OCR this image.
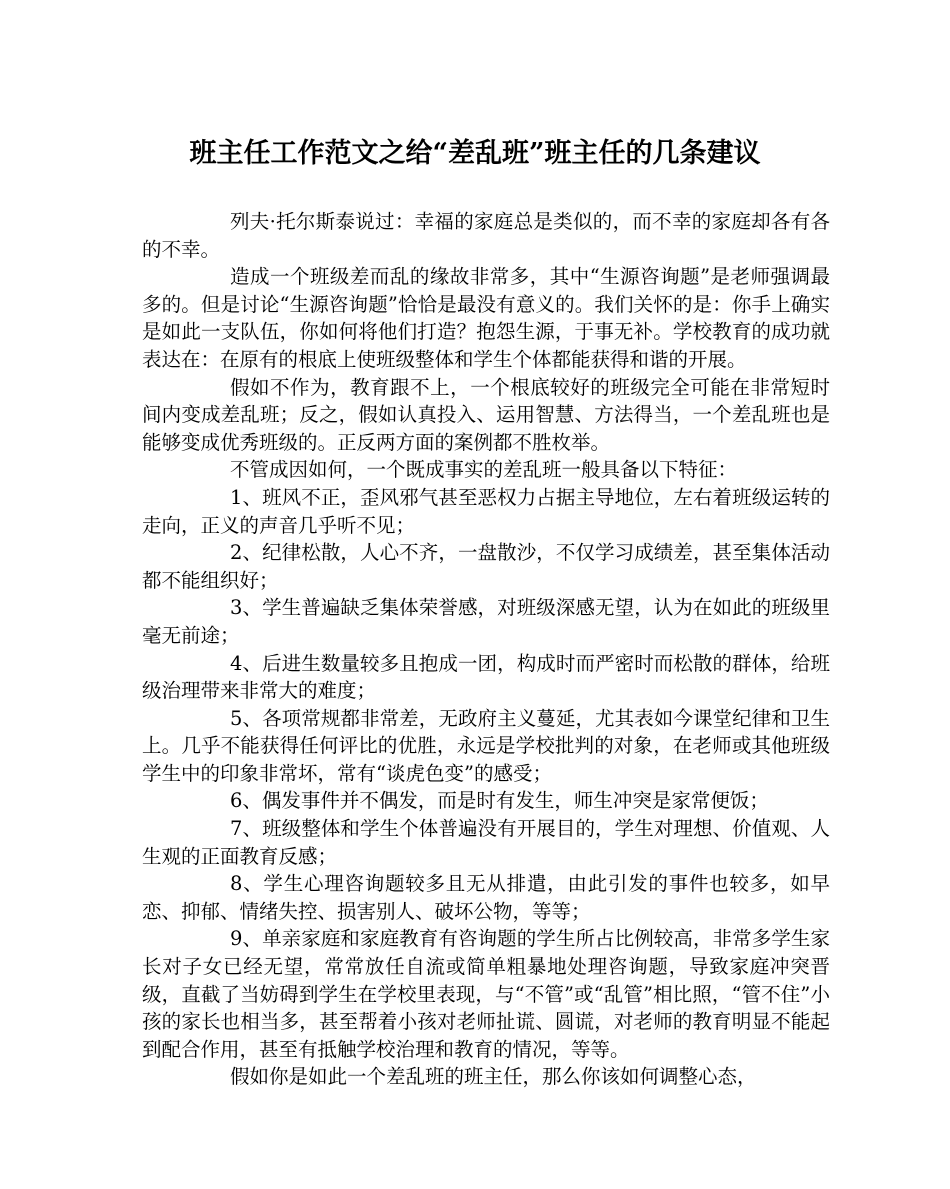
班主任工作范文之给“差乱班”班主任的几条建议

列夫·托尔斯泰说过：幸福的家庭总是类似的，而不幸的家庭却各有各的不幸。

造成一个班级差而乱的缘故非常多，其中“生源咨询题”是老师强调最多的。但是讨论“生源咨询题”恰恰是最没有意义的。我们关怀的是：你手上确实是如此一支队伍，你如何将他们打造？抱怨生源，于事无补。学校教育的成功就表达在：在原有的根底上使班级整体和学生个体都能获得和谐的开展。

假如不作为，教育跟不上，一个根底较好的班级完全可能在非常短时间内变成差乱班；反之，假如认真投入、运用智慧、方法得当，一个差乱班也是能够变成优秀班级的。正反两方面的案例都不胜枚举。

不管成因如何，一个既成事实的差乱班一般具备以下特征：

1、班风不正，歪风邪气甚至恶权力占据主导地位，左右着班级运转的走向，正义的声音几乎听不见；

2、纪律松散，人心不齐，一盘散沙，不仅学习成绩差，甚至集体活动都不能组织好；

3、学生普遍缺乏集体荣誉感，对班级深感无望，认为在如此的班级里毫无前途；

4、后进生数量较多且抱成一团，构成时而严密时而松散的群体，给班级治理带来非常大的难度；

5、各项常规都非常差，无政府主义蔓延，尤其表如今课堂纪律和卫生上。几乎不能获得任何评比的优胜，永远是学校批判的对象，在老师或其他班级学生中的印象非常坏，常有“谈虎色变”的感受；

6、偶发事件并不偶发，而是时有发生，师生冲突是家常便饭；

7、班级整体和学生个体普遍没有开展目的，学生对理想、价值观、人生观的正面教育反感；

8、学生心理咨询题较多且无从排遣，由此引发的事件也较多，如早恋、抑郁、情绪失控、损害别人、破坏公物，等等；

9、单亲家庭和家庭教育有咨询题的学生所占比例较高，非常多学生家长对子女已经无望，常常放任自流或简单粗暴地处理咨询题，导致家庭冲突晋级，直截了当妨碍到学生在学校里表现，与“不管”或“乱管”相比照，“管不住”小孩的家长也相当多，甚至帮着小孩对老师扯谎、圆谎，对老师的教育明显不能起到配合作用，甚至有抵触学校治理和教育的情况，等等。

假如你是如此一个差乱班的班主任，那么你该如何调整心态，
